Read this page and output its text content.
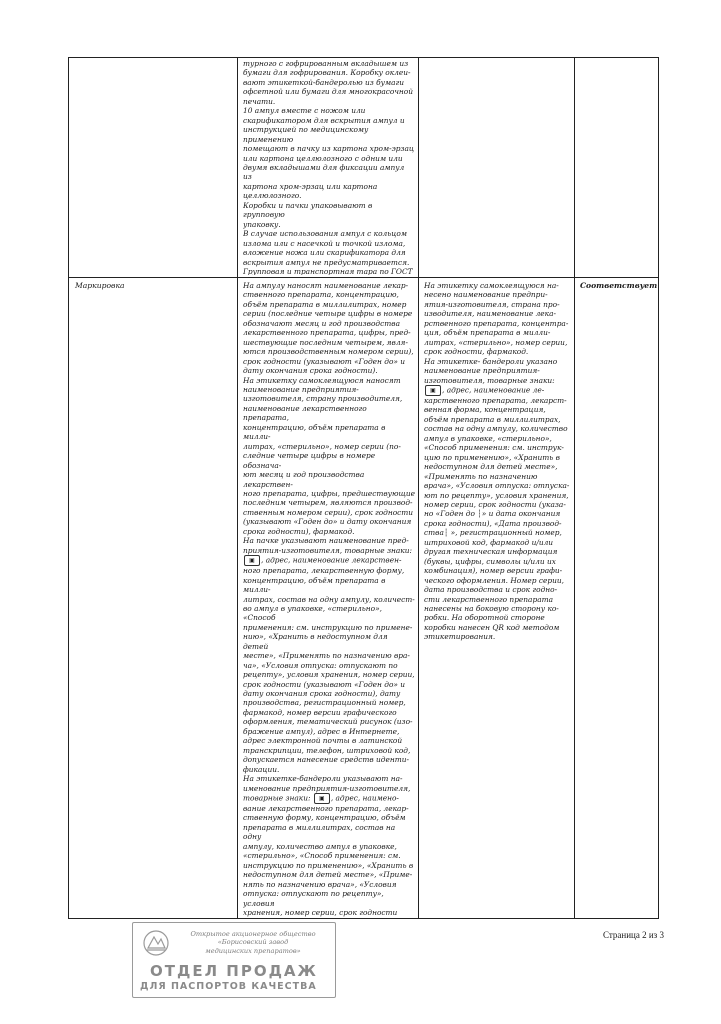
турного с гофрированным вкладышем из

бумаги для гофрирования. Коробку оклеи-

вают этикеткой-бандеролью из бумаги

офсетной или бумаги для многокрасочной

печати.

10 ампул вместе с ножом или

скарификатором для вскрытия ампул и

инструкцией по медицинскому применению

помещают в пачку из картона хром-эрзац

или картона целлюлозного с одним или

двумя вкладышами для фиксации ампул из

картона хром-эрзац или картона

целлюлозного.

Коробки и пачки упаковывают в групповую

упаковку.

В случае использования ампул с кольцом

излома или с насечкой и точкой излома,

вложение ножа или скарификатора для

вскрытия ампул не предусматривается.

Групповая и транспортная тара по ГОСТ

Маркировка	На ампулу наносят наименование лекар-

ственного препарата, концентрацию,

объём препарата в миллилитрах, номер

серии (последние четыре цифры в номере

обозначают месяц и год производства

лекарственного препарата, цифры, пред-

шествующие последним четырем, явля-

ются производственным номером серии),

срок годности (указывают «Годен до» и

дату окончания срока годности).

На этикетку самоклеящуюся наносят

наименование предприятия-

изготовителя, страну производителя,

наименование лекарственного препарата,

концентрацию, объём препарата в милли-

литрах, «стерильно», номер серии (по-

следние четыре цифры в номере обознача-

ют месяц и год производства лекарствен-

ного препарата, цифры, предшествующие

последним четырем, являются производ-

ственным номером серии), срок годности

(указывают «Годен до» и дату окончания

срока годности), фармакод.

На пачке указывают наименование пред-

приятия-изготовителя, товарные знаки:

▣ , адрес, наименование лекарствен-

ного препарата, лекарственную форму,

концентрацию, объём препарата в милли-

литрах, состав на одну ампулу, количест-

во ампул в упаковке, «стерильно», «Способ

применения: см. инструкцию по примене-

нию», «Хранить в недоступном для детей

месте», «Применять по назначению вра-

ча», «Условия отпуска: отпускают по

рецепту», условия хранения, номер серии,

срок годности (указывают «Годен до» и

дату окончания срока годности), дату

производства, регистрационный номер,

фармакод, номер версии графического

оформления, тематический рисунок (изо-

бражение ампул), адрес в Интернете,

адрес электронной почты в латинской

транскрипции, телефон, штриховой код,

допускается нанесение средств иденти-

фикации.

На этикетке-бандероли указывают на-

именование предприятия-изготовителя,

товарные знаки: ▣ , адрес, наимено-

вание лекарственного препарата, лекар-

ственную форму, концентрацию, объём

препарата в миллилитрах, состав на одну

ампулу, количество ампул в упаковке,

«стерильно», «Способ применения: см.

инструкцию по применению», «Хранить в

недоступном для детей месте», «Приме-

нять по назначению врача», «Условия

отпуска: отпускают по рецепту», условия

хранения, номер серии, срок годности

На этикетку самоклеящуюся на-

несено наименование предпри-

ятия-изготовителя, страна про-

изводителя, наименование лека-

рственного препарата, концентра-

ция, объём препарата в милли-

литрах, «стерильно», номер серии,

срок годности, фармакод.

На этикетке- бандероли указано

наименование предприятия-

изготовителя, товарные знаки:

▣ , адрес, наименование ле-

карственного препарата, лекарст-

венная форма, концентрация,

объём препарата в миллилитрах,

состав на одну ампулу, количество

ампул в упаковке, «стерильно»,

«Способ применения: см. инструк-

цию по применению», «Хранить в

недоступном для детей месте»,

«Применять по назначению

врача», «Условия отпуска: отпуска-

ют по рецепту», условия хранения,

номер серии, срок годности (указа-

но «Годен до ┆» и дата окончания

срока годности), «Дата производ-

ства┆ », регистрационный номер,

штриховой код, фармакод и/или

другая техническая информация

(буквы, цифры, символы и/или их

комбинация), номер версии графи-

ческого оформления. Номер серии,

дата производства и срок годно-

сти лекарственного препарата

нанесены на боковую сторону ко-

робки. На оборотной стороне

коробки нанесен QR код методом

этикетирования.

Соответствует
Страница 2 из 3
Открытое акционерное общество
«Борисовский завод
медицинских препаратов»
ОТДЕЛ ПРОДАЖ
ДЛЯ ПАСПОРТОВ КАЧЕСТВА
